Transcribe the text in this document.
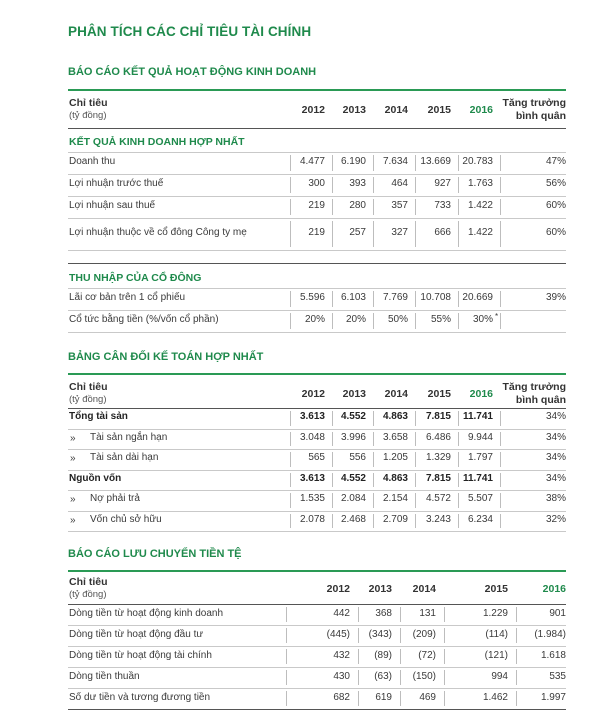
PHÂN TÍCH CÁC CHỈ TIÊU TÀI CHÍNH
BÁO CÁO KẾT QUẢ HOẠT ĐỘNG KINH DOANH
Chỉ tiêu
(tỷ đồng)	2012 2013 2014 2015 2016
Tăng trưởng
bình quân
KẾT QUẢ KINH DOANH HỢP NHẤT
Doanh thu	4.477 6.190 7.634 13.669 20.783	47%
Lợi nhuận trước thuế	300 393	464	927 1.763	56%
Lợi nhuận sau thuế	219 280	357	733 1.422	60%
Lợi nhuận thuộc về cổ đông Công ty mẹ	219 257	327	666 1.422	60%
THU NHẬP CỦA CỔ ĐÔNG
Lãi cơ bản trên 1 cổ phiếu	5.596 6.103 7.769 10.708 20.669	39%
Cổ tức bằng tiền (%/vốn cổ phần)	20% 20% 50% 55% 30% *
BẢNG CÂN ĐỐI KẾ TOÁN HỢP NHẤT
Chỉ tiêu
(tỷ đồng)	2012 2013 2014 2015 2016
Tăng trưởng
bình quân
Tổng tài sản	3.613 4.552 4.863 7.815 11.741	34%
» Tài sản ngắn hạn	3.048 3.996 3.658 6.486 9.944	34%
» Tài sản dài hạn	565 556 1.205 1.329 1.797	34%
Nguồn vốn	3.613 4.552 4.863 7.815 11.741	34%
» Nợ phải trả	1.535 2.084 2.154 4.572 5.507	38%
» Vốn chủ sở hữu	2.078 2.468 2.709 3.243 6.234	32%
BÁO CÁO LƯU CHUYỂN TIỀN TỆ
Chỉ tiêu
(tỷ đồng)	2012 2013 2014	2015	2016
Dòng tiền từ hoạt động kinh doanh	442	368	131	1.229	901
Dòng tiền từ hoạt động đầu tư	(445) (343) (209)	(114)	(1.984)
Dòng tiền từ hoạt động tài chính	432 (89)	(72)	(121)	1.618
Dòng tiền thuần	430 (63) (150)	994	535
Số dư tiền và tương đương tiền	682	619	469	1.462	1.997
